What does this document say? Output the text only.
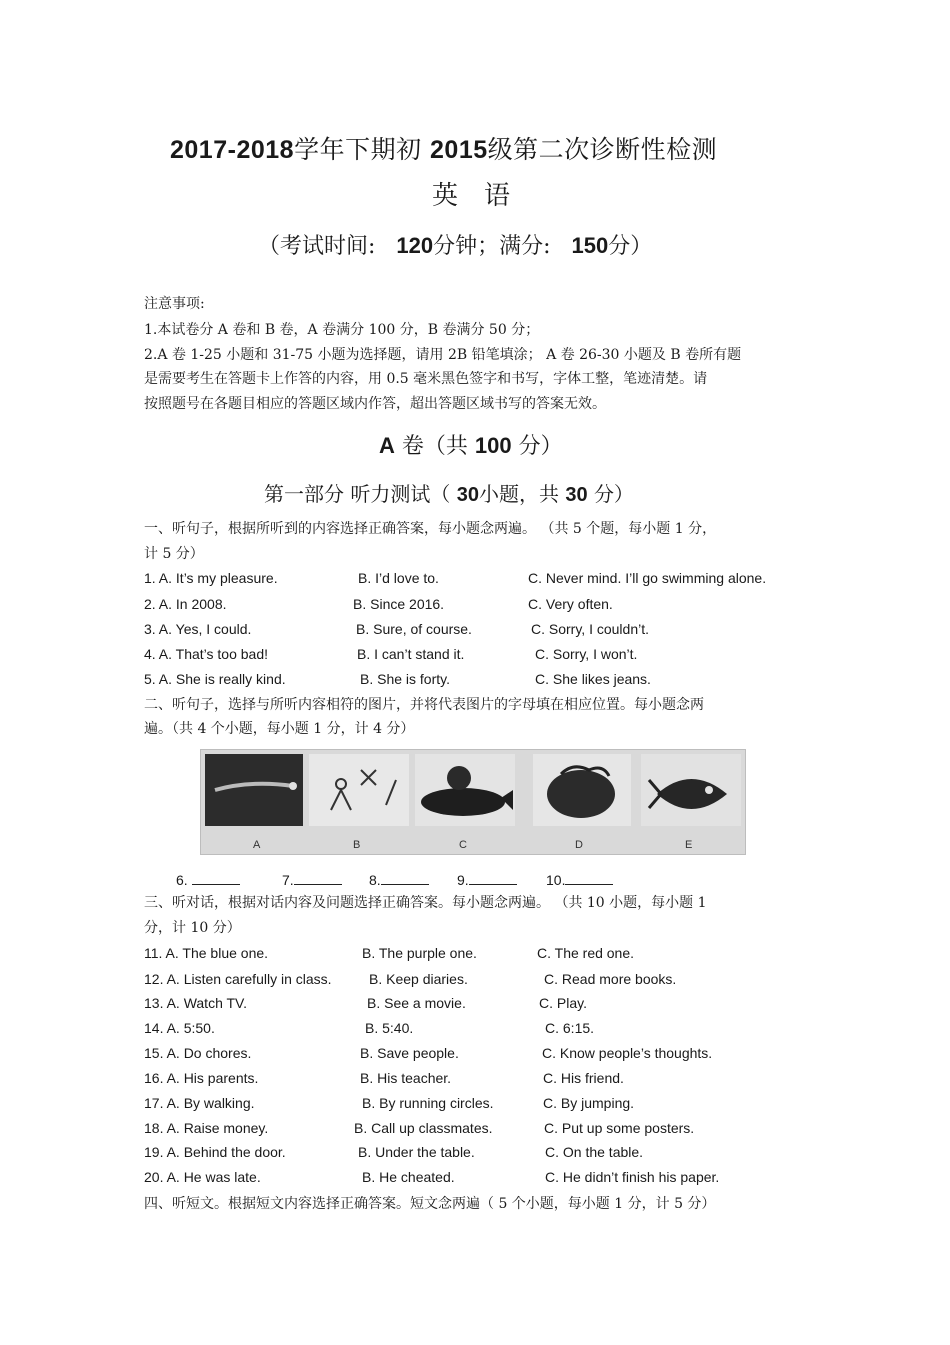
2017-2018学年下期初 2015级第二次诊断性检测
英语
（考试时间: 120分钟；满分: 150分）
注意事项:
1.本试卷分 A 卷和 B 卷，A 卷满分 100 分，B 卷满分 50 分；
2.A 卷 1-25 小题和 31-75 小题为选择题，请用 2B 铅笔填涂； A 卷 26-30 小题及 B 卷所有题
是需要考生在答题卡上作答的内容，用 0.5 毫米黑色签字和书写，字体工整，笔迹清楚。请
按照题号在各题目相应的答题区域内作答，超出答题区域书写的答案无效。
A 卷（共 100 分）
第一部分 听力测试（ 30小题，共 30 分）
一、听句子，根据所听到的内容选择正确答案，每小题念两遍。 （共 5 个题，每小题 1 分，
计 5 分）
1. A. It’s my pleasure.	B. I’d love to.	C. Never mind. I’ll go swimming alone.
2. A. In 2008.	B. Since 2016.	C. Very often.
3. A. Yes, I could.	B. Sure, of course.	C. Sorry, I couldn’t.
4. A. That’s too bad!	B. I can’t stand it.	C. Sorry, I won’t.
5. A. She is really kind.	B. She is forty.	C. She likes jeans.
二、听句子，选择与所听内容相符的图片，并将代表图片的字母填在相应位置。每小题念两
遍。（共 4 个小题，每小题 1 分，计 4 分）
A	B	C	D	E
6.	7.	8.	9.	10.
三、听对话，根据对话内容及问题选择正确答案。每小题念两遍。 （共 10 小题，每小题 1
分，计 10 分）
11. A. The blue one.	B. The purple one.	C. The red one.
12. A. Listen carefully in class.	B. Keep diaries.	C. Read more books.
13. A. Watch TV.	B. See a movie.	C. Play.
14. A. 5:50.	B. 5:40.	C. 6:15.
15. A. Do chores.	B. Save people.	C. Know people’s thoughts.
16. A. His parents.	B. His teacher.	C. His friend.
17. A. By walking.	B. By running circles.	C. By jumping.
18. A. Raise money.	B. Call up classmates.	C. Put up some posters.
19. A. Behind the door.	B. Under the table.	C. On the table.
20. A. He was late.	B. He cheated.	C. He didn’t finish his paper.
四、听短文。根据短文内容选择正确答案。短文念两遍（ 5 个小题，每小题 1 分，计 5 分）
